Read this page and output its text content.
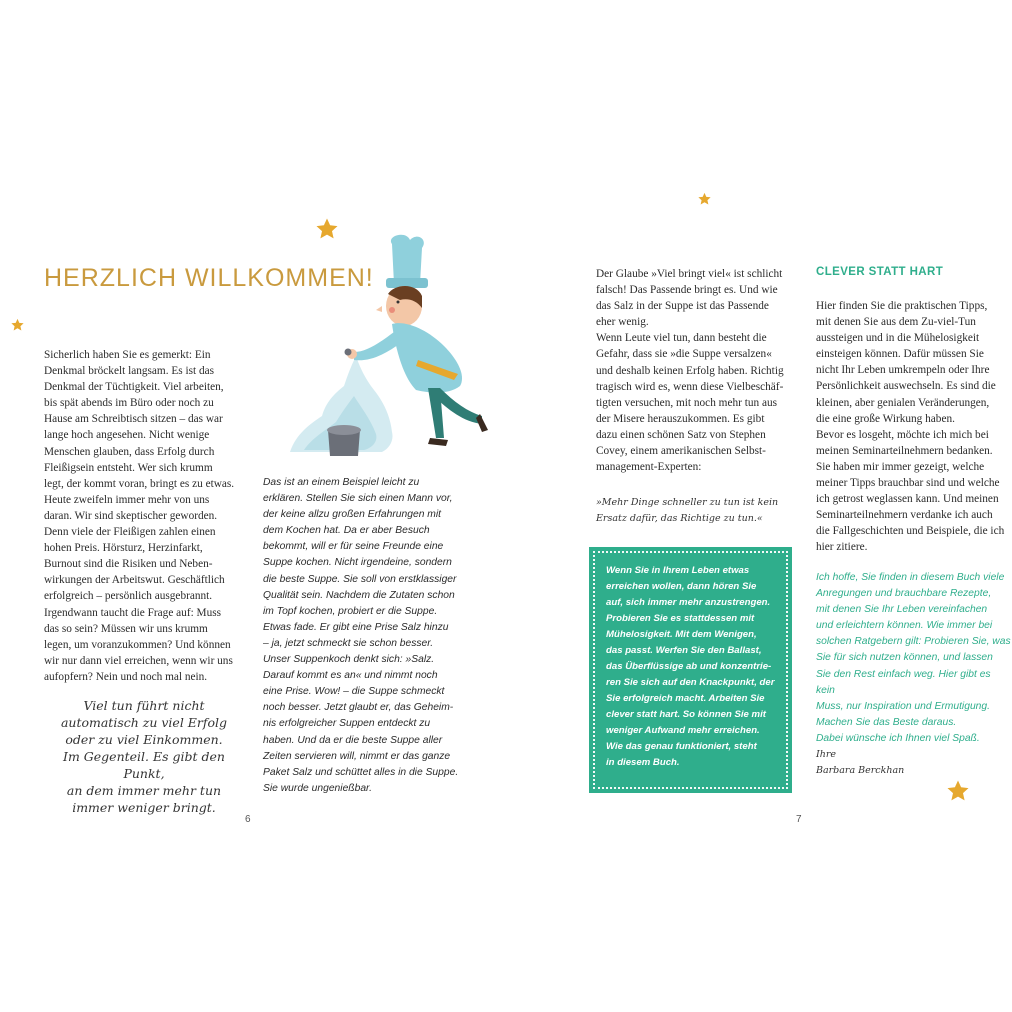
HERZLICH WILLKOMMEN!

Sicherlich haben Sie es gemerkt: Ein

Denkmal bröckelt langsam. Es ist das

Denkmal der Tüchtigkeit. Viel arbeiten,

bis spät abends im Büro oder noch zu

Hause am Schreibtisch sitzen – das war

lange hoch angesehen. Nicht wenige

Menschen glauben, dass Erfolg durch

Fleißigsein entsteht. Wer sich krumm

legt, der kommt voran, bringt es zu etwas.

Heute zweifeln immer mehr von uns

daran. Wir sind skeptischer geworden.

Denn viele der Fleißigen zahlen einen

hohen Preis. Hörsturz, Herzinfarkt,

Burnout sind die Risiken und Neben-

wirkungen der Arbeitswut. Geschäftlich

erfolgreich – persönlich ausgebrannt.

Irgendwann taucht die Frage auf: Muss

das so sein? Müssen wir uns krumm

legen, um voranzukommen? Und können

wir nur dann viel erreichen, wenn wir uns

aufopfern? Nein und noch mal nein.

Viel tun führt nicht

automatisch zu viel Erfolg

oder zu viel Einkommen.

Im Gegenteil. Es gibt den Punkt,

an dem immer mehr tun

immer weniger bringt.

Das ist an einem Beispiel leicht zu

erklären. Stellen Sie sich einen Mann vor,

der keine allzu großen Erfahrungen mit

dem Kochen hat. Da er aber Besuch

bekommt, will er für seine Freunde eine

Suppe kochen. Nicht irgendeine, sondern

die beste Suppe. Sie soll von erstklassiger

Qualität sein. Nachdem die Zutaten schon

im Topf kochen, probiert er die Suppe.

Etwas fade. Er gibt eine Prise Salz hinzu

– ja, jetzt schmeckt sie schon besser.

Unser Suppenkoch denkt sich: »Salz.

Darauf kommt es an« und nimmt noch

eine Prise. Wow! – die Suppe schmeckt

noch besser. Jetzt glaubt er, das Geheim-

nis erfolgreicher Suppen entdeckt zu

haben. Und da er die beste Suppe aller

Zeiten servieren will, nimmt er das ganze

Paket Salz und schüttet alles in die Suppe.

Sie wurde ungenießbar.

6

Der Glaube »Viel bringt viel« ist schlicht

falsch! Das Passende bringt es. Und wie

das Salz in der Suppe ist das Passende

eher wenig.

Wenn Leute viel tun, dann besteht die

Gefahr, dass sie »die Suppe versalzen«

und deshalb keinen Erfolg haben. Richtig

tragisch wird es, wenn diese Vielbeschäf-

tigten versuchen, mit noch mehr tun aus

der Misere herauszukommen. Es gibt

dazu einen schönen Satz von Stephen

Covey, einem amerikanischen Selbst-

management-Experten:

»Mehr Dinge schneller zu tun ist kein

Ersatz dafür, das Richtige zu tun.«

Wenn Sie in Ihrem Leben etwas

erreichen wollen, dann hören Sie

auf, sich immer mehr anzustrengen.

Probieren Sie es stattdessen mit

Mühelosigkeit. Mit dem Wenigen,

das passt. Werfen Sie den Ballast,

das Überflüssige ab und konzentrie-

ren Sie sich auf den Knackpunkt, der

Sie erfolgreich macht. Arbeiten Sie

clever statt hart. So können Sie mit

weniger Aufwand mehr erreichen.

Wie das genau funktioniert, steht

in diesem Buch.

CLEVER STATT HART

Hier finden Sie die praktischen Tipps,

mit denen Sie aus dem Zu-viel-Tun

aussteigen und in die Mühelosigkeit

einsteigen können. Dafür müssen Sie

nicht Ihr Leben umkrempeln oder Ihre

Persönlichkeit auswechseln. Es sind die

kleinen, aber genialen Veränderungen,

die eine große Wirkung haben.

Bevor es losgeht, möchte ich mich bei

meinen Seminarteilnehmern bedanken.

Sie haben mir immer gezeigt, welche

meiner Tipps brauchbar sind und welche

ich getrost weglassen kann. Und meinen

Seminarteilnehmern verdanke ich auch

die Fallgeschichten und Beispiele, die ich

hier zitiere.

Ich hoffe, Sie finden in diesem Buch viele

Anregungen und brauchbare Rezepte,

mit denen Sie Ihr Leben vereinfachen

und erleichtern können. Wie immer bei

solchen Ratgebern gilt: Probieren Sie, was

Sie für sich nutzen können, und lassen

Sie den Rest einfach weg. Hier gibt es kein

Muss, nur Inspiration und Ermutigung.

Machen Sie das Beste daraus.

Dabei wünsche ich Ihnen viel Spaß.

Ihre

Barbara Berckhan

7
